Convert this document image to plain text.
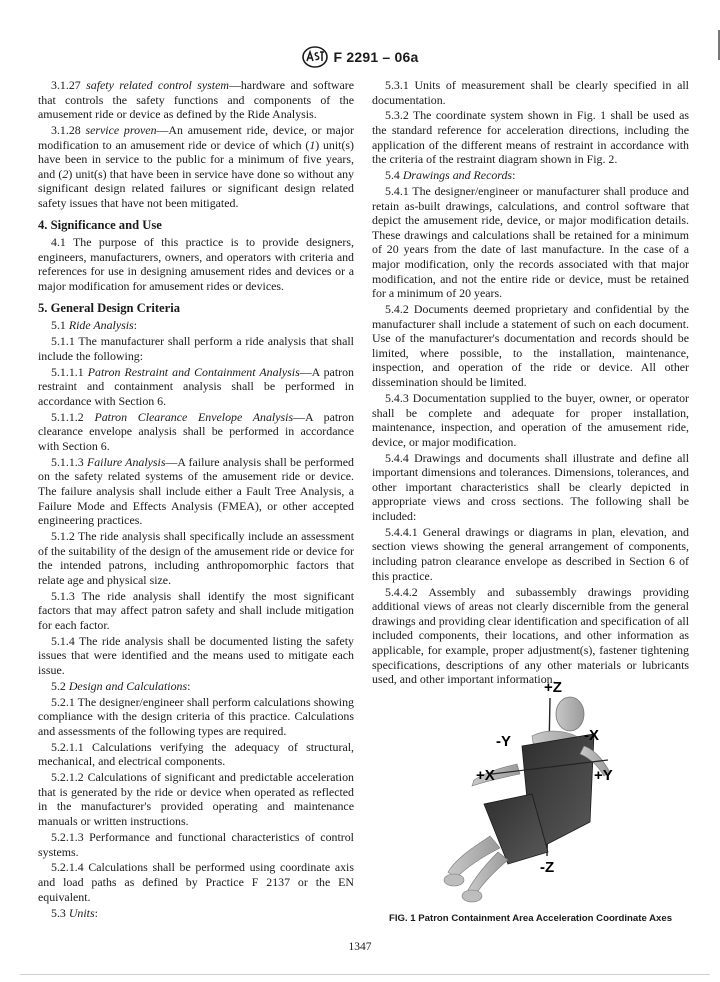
F 2291 – 06a

3.1.27 safety related control system—hardware and software that controls the safety functions and components of the amusement ride or device as defined by the Ride Analysis.

3.1.28 service proven—An amusement ride, device, or major modification to an amusement ride or device of which (1) unit(s) have been in service to the public for a minimum of five years, and (2) unit(s) that have been in service have done so without any significant design related failures or significant design related safety issues that have not been mitigated.

4. Significance and Use

4.1 The purpose of this practice is to provide designers, engineers, manufacturers, owners, and operators with criteria and references for use in designing amusement rides and devices or a major modification for amusement rides or devices.

5. General Design Criteria

5.1 Ride Analysis:

5.1.1 The manufacturer shall perform a ride analysis that shall include the following:

5.1.1.1 Patron Restraint and Containment Analysis—A patron restraint and containment analysis shall be performed in accordance with Section 6.

5.1.1.2 Patron Clearance Envelope Analysis—A patron clearance envelope analysis shall be performed in accordance with Section 6.

5.1.1.3 Failure Analysis—A failure analysis shall be performed on the safety related systems of the amusement ride or device. The failure analysis shall include either a Fault Tree Analysis, a Failure Mode and Effects Analysis (FMEA), or other accepted engineering practices.

5.1.2 The ride analysis shall specifically include an assessment of the suitability of the design of the amusement ride or device for the intended patrons, including anthropomorphic factors that relate age and physical size.

5.1.3 The ride analysis shall identify the most significant factors that may affect patron safety and shall include mitigation for each factor.

5.1.4 The ride analysis shall be documented listing the safety issues that were identified and the means used to mitigate each issue.

5.2 Design and Calculations:

5.2.1 The designer/engineer shall perform calculations showing compliance with the design criteria of this practice. Calculations and assessments of the following types are required.

5.2.1.1 Calculations verifying the adequacy of structural, mechanical, and electrical components.

5.2.1.2 Calculations of significant and predictable acceleration that is generated by the ride or device when operated as reflected in the manufacturer's provided operating and maintenance manuals or written instructions.

5.2.1.3 Performance and functional characteristics of control systems.

5.2.1.4 Calculations shall be performed using coordinate axis and load paths as defined by Practice F 2137 or the EN equivalent.

5.3 Units:

5.3.1 Units of measurement shall be clearly specified in all documentation.

5.3.2 The coordinate system shown in Fig. 1 shall be used as the standard reference for acceleration directions, including the application of the different means of restraint in accordance with the criteria of the restraint diagram shown in Fig. 2.

5.4 Drawings and Records:

5.4.1 The designer/engineer or manufacturer shall produce and retain as-built drawings, calculations, and control software that depict the amusement ride, device, or major modification details. These drawings and calculations shall be retained for a minimum of 20 years from the date of last manufacture. In the case of a major modification, only the records associated with that major modification, and not the entire ride or device, must be retained for a minimum of 20 years.

5.4.2 Documents deemed proprietary and confidential by the manufacturer shall include a statement of such on each document. Use of the manufacturer's documentation and records should be limited, where possible, to the installation, maintenance, inspection, and operation of the ride or device. All other dissemination should be limited.

5.4.3 Documentation supplied to the buyer, owner, or operator shall be complete and adequate for proper installation, maintenance, inspection, and operation of the amusement ride, device, or major modification.

5.4.4 Drawings and documents shall illustrate and define all important dimensions and tolerances. Dimensions, tolerances, and other important characteristics shall be clearly depicted in appropriate views and cross sections. The following shall be included:

5.4.4.1 General drawings or diagrams in plan, elevation, and section views showing the general arrangement of components, including patron clearance envelope as described in Section 6 of this practice.

5.4.4.2 Assembly and subassembly drawings providing additional views of areas not clearly discernible from the general drawings and providing clear identification and specification of all included components, their locations, and other information as applicable, for example, proper adjustment(s), fastener tightening specifications, descriptions of any other materials or lubricants used, and other important information.

+Z
-Y	-X
+X	+Y
-Z
FIG. 1 Patron Containment Area Acceleration Coordinate Axes
1347
